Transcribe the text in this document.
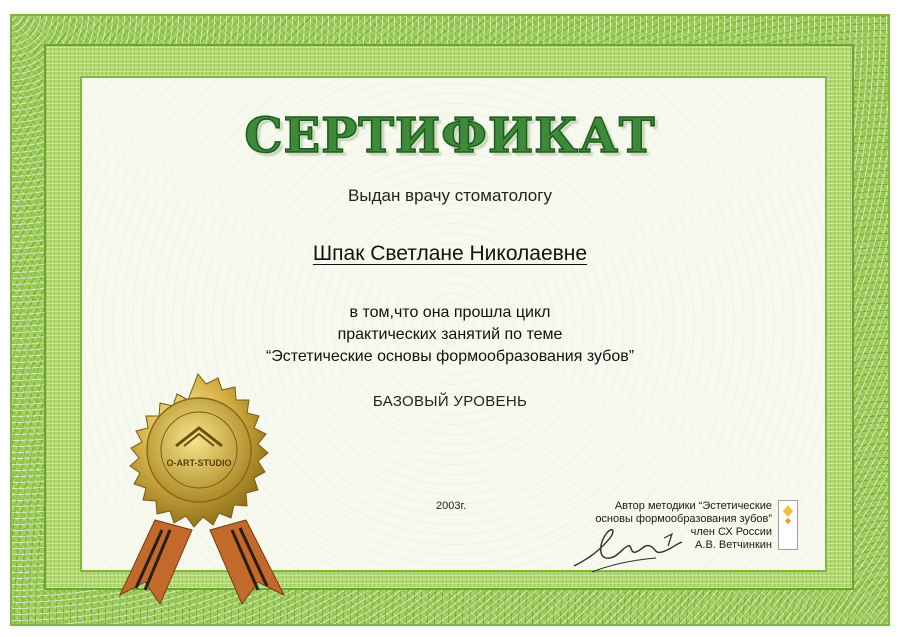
СЕРТИФИКАТ
Выдан врачу стоматологу
Шпак Светлане Николаевне
в том,что она прошла цикл
практических занятий по теме
“Эстетические основы формообразования зубов”
БАЗОВЫЙ УРОВЕНЬ
2003г.	Автор методики “Эстетические
основы формообразования зубов”
член СХ России
А.В. Ветчинкин
O-ART-STUDIO
